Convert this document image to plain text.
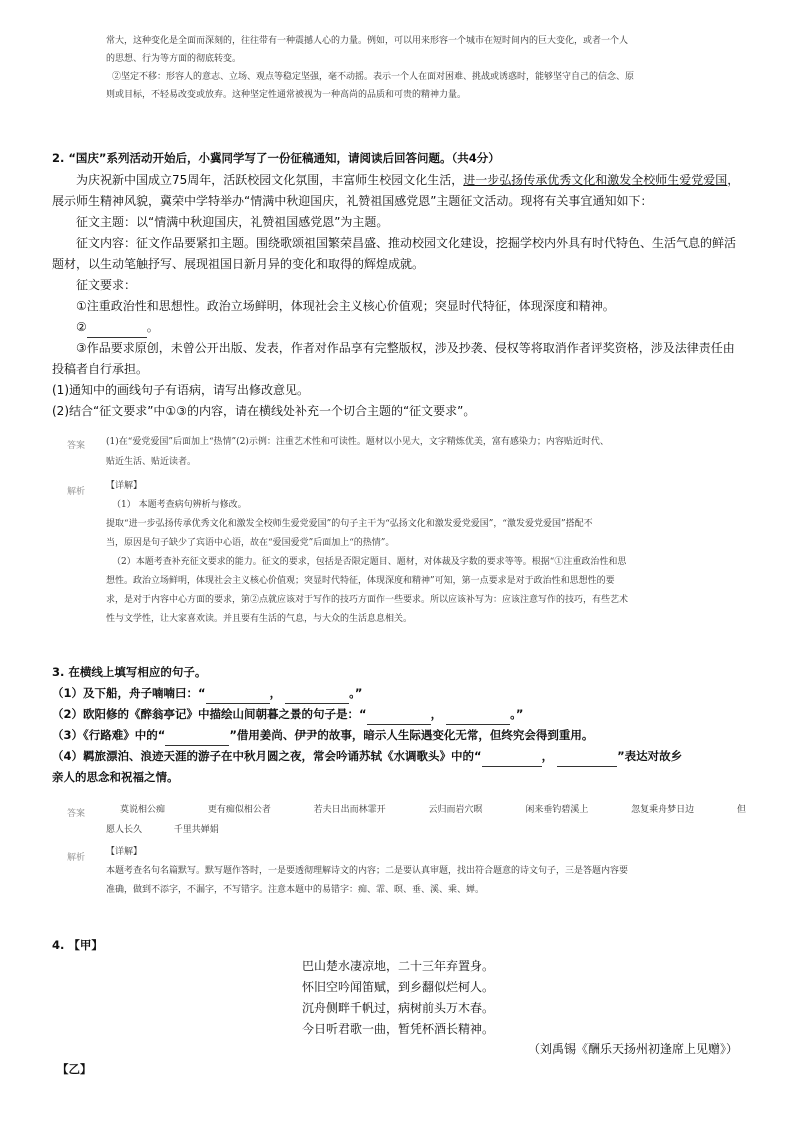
常大，这种变化是全面而深刻的，往往带有一种震撼人心的力量。例如，可以用来形容一个城市在短时间内的巨大变化，或者一个人
的思想、行为等方面的彻底转变。
②坚定不移：形容人的意志、立场、观点等稳定坚强，毫不动摇。表示一个人在面对困难、挑战或诱惑时，能够坚守自己的信念、原
则或目标，不轻易改变或放弃。这种坚定性通常被视为一种高尚的品质和可贵的精神力量。
2. “国庆”系列活动开始后，小冀同学写了一份征稿通知，请阅读后回答问题。（共4分）
为庆祝新中国成立75周年，活跃校园文化氛围，丰富师生校园文化生活，进一步弘扬传承优秀文化和激发全校师生爱党爱国，
展示师生精神风貌，冀荣中学特举办“情满中秋迎国庆，礼赞祖国感党恩”主题征文活动。现将有关事宜通知如下：
征文主题：以“情满中秋迎国庆，礼赞祖国感党恩”为主题。
征文内容：征文作品要紧扣主题。围绕歌颂祖国繁荣昌盛、推动校园文化建设，挖掘学校内外具有时代特色、生活气息的鲜活
题材，以生动笔触抒写、展现祖国日新月异的变化和取得的辉煌成就。
征文要求：
①注重政治性和思想性。政治立场鲜明，体现社会主义核心价值观；突显时代特征，体现深度和精神。
②	。
③作品要求原创，未曾公开出版、发表，作者对作品享有完整版权，涉及抄袭、侵权等将取消作者评奖资格，涉及法律责任由
投稿者自行承担。
(1)通知中的画线句子有语病，请写出修改意见。
(2)结合“征文要求”中①③的内容，请在横线处补充一个切合主题的“征文要求”。
答案 (1)在“爱党爱国”后面加上“热情”(2)示例：注重艺术性和可读性。题材以小见大，文字精炼优美，富有感染力；内容贴近时代、
贴近生活、贴近读者。
解析
【详解】
（1） 本题考查病句辨析与修改。
提取“进一步弘扬传承优秀文化和激发全校师生爱党爱国”的句子主干为“弘扬文化和激发爱党爱国”，“激发爱党爱国”搭配不
当，原因是句子缺少了宾语中心语，故在“爱国爱党”后面加上“的热情”。
（2）本题考查补充征文要求的能力。征文的要求，包括是否限定题目、题材，对体裁及字数的要求等等。根据“①注重政治性和思
想性。政治立场鲜明，体现社会主义核心价值观；突显时代特征，体现深度和精神”可知，第一点要求是对于政治性和思想性的要
求，是对于内容中心方面的要求，第②点就应该对于写作的技巧方面作一些要求。所以应该补写为：应该注意写作的技巧，有些艺术
性与文学性，让大家喜欢读。并且要有生活的气息，与大众的生活息息相关。
3. 在横线上填写相应的句子。
（1）及下船，舟子喃喃曰：“	，	。”
（2）欧阳修的《醉翁亭记》中描绘山间朝暮之景的句子是：“	，	。”
（3）《行路难》中的“	”借用姜尚、伊尹的故事，暗示人生际遇变化无常，但终究会得到重用。
（4）羁旅漂泊、浪迹天涯的游子在中秋月圆之夜，常会吟诵苏轼《水调歌头》中的“	，	”表达对故乡
亲人的思念和祝福之情。
答案	莫说相公痴	更有痴似相公者	若夫日出而林霏开	云归而岩穴暝	闲来垂钓碧溪上	忽复乘舟梦日边	但
愿人长久	千里共婵娟
解析
【详解】
本题考查名句名篇默写。默写题作答时，一是要透彻理解诗文的内容；二是要认真审题，找出符合题意的诗文句子，三是答题内容要
准确，做到不添字，不漏字，不写错字。注意本题中的易错字：痴、霏、暝、垂、溪、乘、婵。
4. 【甲】
巴山楚水凄凉地，二十三年弃置身。
怀旧空吟闻笛赋，到乡翻似烂柯人。
沉舟侧畔千帆过，病树前头万木春。
今日听君歌一曲，暂凭杯酒长精神。
（刘禹锡《酬乐天扬州初逢席上见赠》）
【乙】
